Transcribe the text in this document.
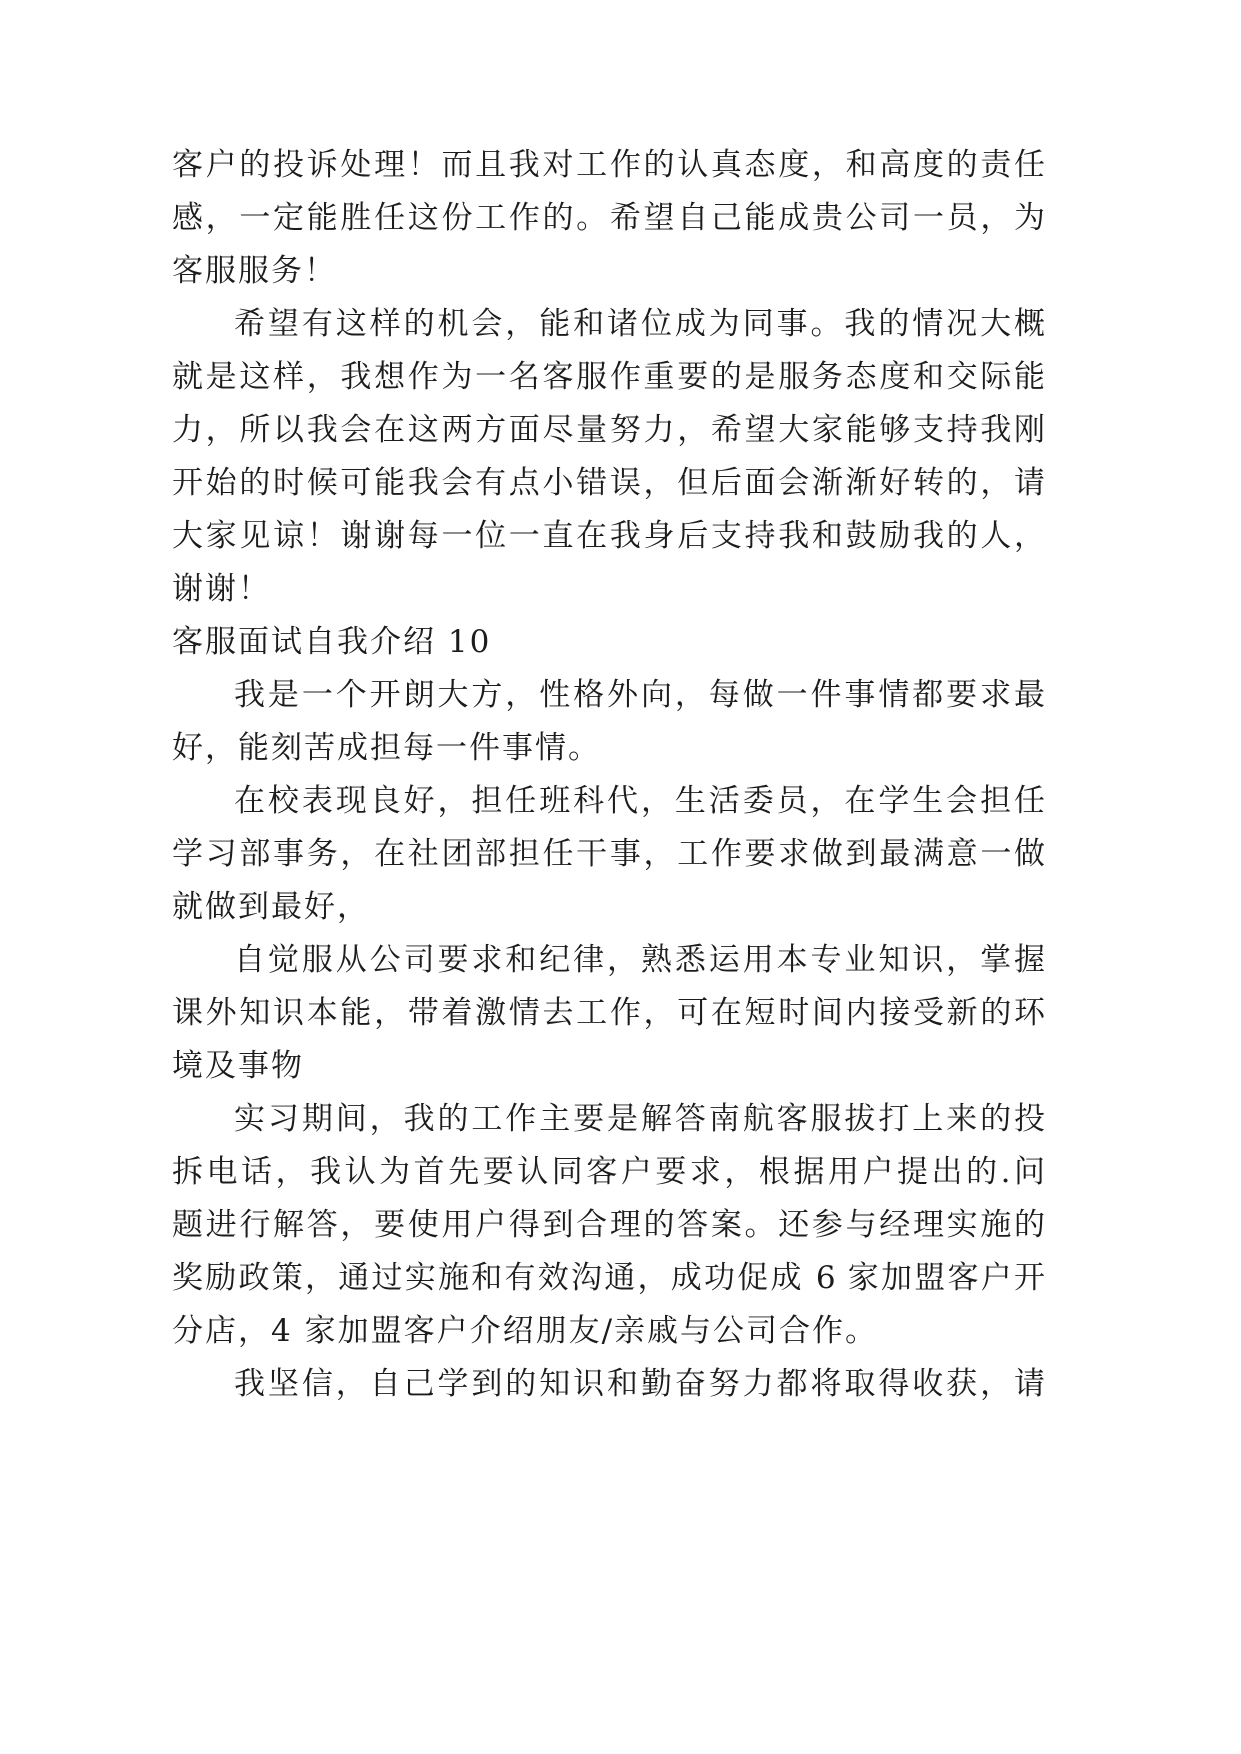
客户的投诉处理！而且我对工作的认真态度，和高度的责任
感，一定能胜任这份工作的。希望自己能成贵公司一员，为
客服服务！
希望有这样的机会，能和诸位成为同事。我的情况大概
就是这样，我想作为一名客服作重要的是服务态度和交际能
力，所以我会在这两方面尽量努力，希望大家能够支持我刚
开始的时候可能我会有点小错误，但后面会渐渐好转的，请
大家见谅！谢谢每一位一直在我身后支持我和鼓励我的人，
谢谢！
客服面试自我介绍 10
我是一个开朗大方，性格外向，每做一件事情都要求最
好，能刻苦成担每一件事情。
在校表现良好，担任班科代，生活委员，在学生会担任
学习部事务，在社团部担任干事，工作要求做到最满意一做
就做到最好，
自觉服从公司要求和纪律，熟悉运用本专业知识，掌握
课外知识本能，带着激情去工作，可在短时间内接受新的环
境及事物
实习期间，我的工作主要是解答南航客服拔打上来的投
拆电话，我认为首先要认同客户要求，根据用户提出的.问
题进行解答，要使用户得到合理的答案。还参与经理实施的
奖励政策，通过实施和有效沟通，成功促成 6 家加盟客户开
分店，4 家加盟客户介绍朋友/亲戚与公司合作。
我坚信，自己学到的知识和勤奋努力都将取得收获，请
